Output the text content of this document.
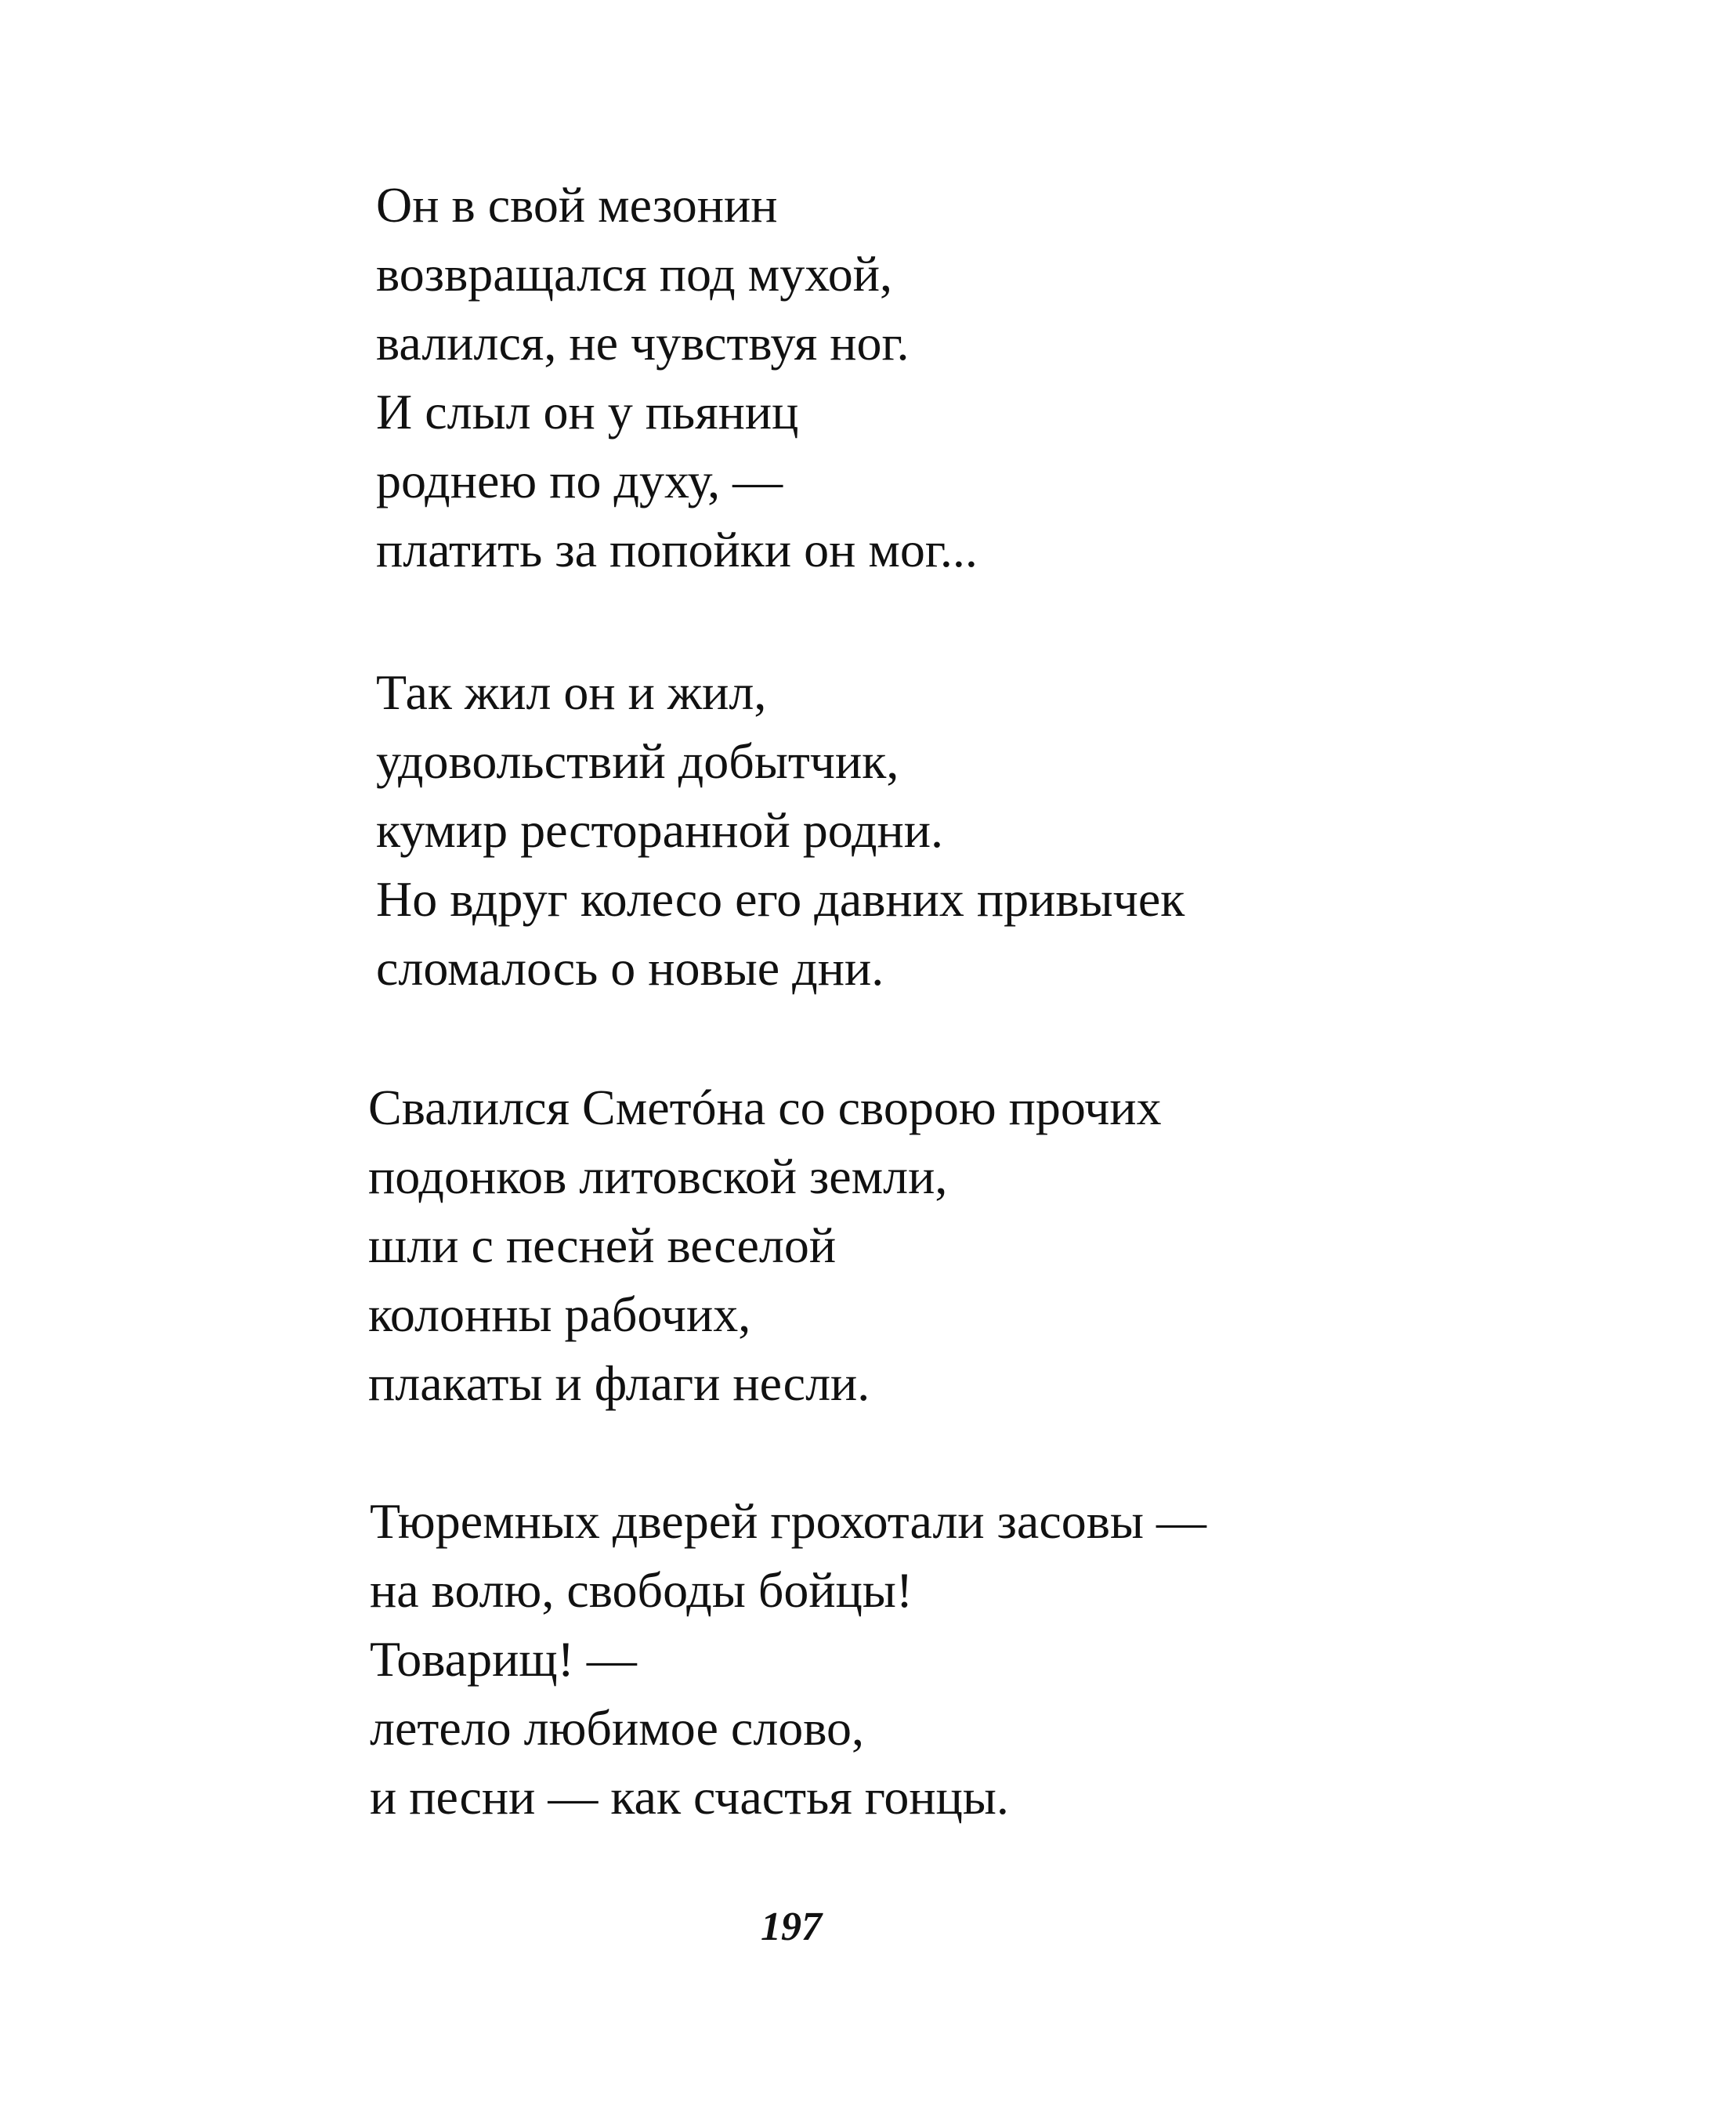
Он в свой мезонин
возвращался под мухой,
валился, не чувствуя ног.
И слыл он у пьяниц
роднею по духу, —
платить за попойки он мог...
Так жил он и жил,
удовольствий добытчик,
кумир ресторанной родни.
Но вдруг колесо его давних привычек
сломалось о новые дни.
Свалился Сметóна со сворою прочих
подонков литовской земли,
шли с песней веселой
колонны рабочих,
плакаты и флаги несли.
Тюремных дверей грохотали засовы —
на волю, свободы бойцы!
Товарищ! —
летело любимое слово,
и песни — как счастья гонцы.
197
